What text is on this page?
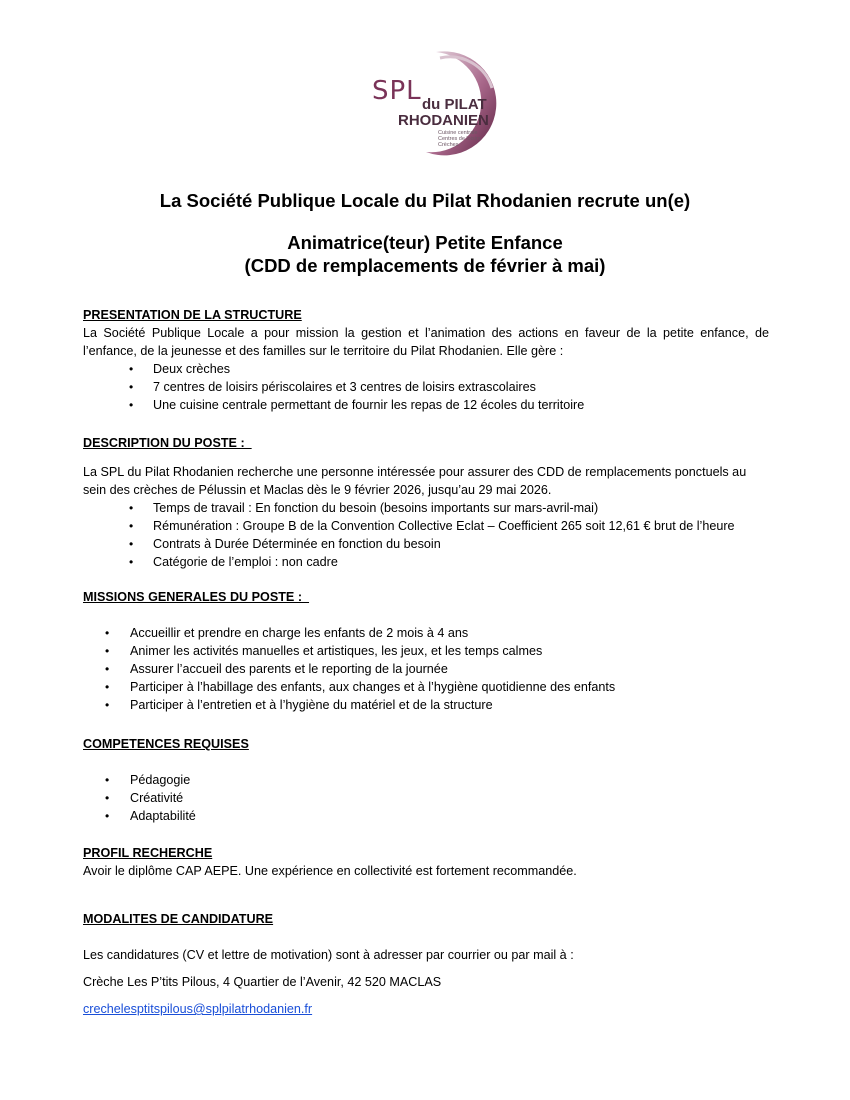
SPL du PILAT
RHODANIEN
Cuisine centrale
Centres de loisirs
Crèches
La Société Publique Locale du Pilat Rhodanien recrute un(e)
Animatrice(teur) Petite Enfance
(CDD de remplacements de février à mai)
PRESENTATION DE LA STRUCTURE

La Société Publique Locale a pour mission la gestion et l’animation des actions en faveur de la petite enfance, de l’enfance, de la jeunesse et des familles sur le territoire du Pilat Rhodanien. Elle gère :

• Deux crèches
• 7 centres de loisirs périscolaires et 3 centres de loisirs extrascolaires
• Une cuisine centrale permettant de fournir les repas de 12 écoles du territoire
DESCRIPTION DU POSTE :

La SPL du Pilat Rhodanien recherche une personne intéressée pour assurer des CDD de remplacements ponctuels au sein des crèches de Pélussin et Maclas dès le 9 février 2026, jusqu’au 29 mai 2026.

• Temps de travail : En fonction du besoin (besoins importants sur mars-avril-mai)
• Rémunération : Groupe B de la Convention Collective Eclat – Coefficient 265 soit 12,61 € brut de l’heure
• Contrats à Durée Déterminée en fonction du besoin
• Catégorie de l’emploi : non cadre
MISSIONS GENERALES DU POSTE :
• Accueillir et prendre en charge les enfants de 2 mois à 4 ans
• Animer les activités manuelles et artistiques, les jeux, et les temps calmes
• Assurer l’accueil des parents et le reporting de la journée
• Participer à l’habillage des enfants, aux changes et à l’hygiène quotidienne des enfants
• Participer à l’entretien et à l’hygiène du matériel et de la structure
COMPETENCES REQUISES
• Pédagogie
• Créativité
• Adaptabilité
PROFIL RECHERCHE

Avoir le diplôme CAP AEPE. Une expérience en collectivité est fortement recommandée.

MODALITES DE CANDIDATURE

Les candidatures (CV et lettre de motivation) sont à adresser par courrier ou par mail à :

Crèche Les P’tits Pilous, 4 Quartier de l’Avenir, 42 520 MACLAS

crechelesptitspilous@splpilatrhodanien.fr
